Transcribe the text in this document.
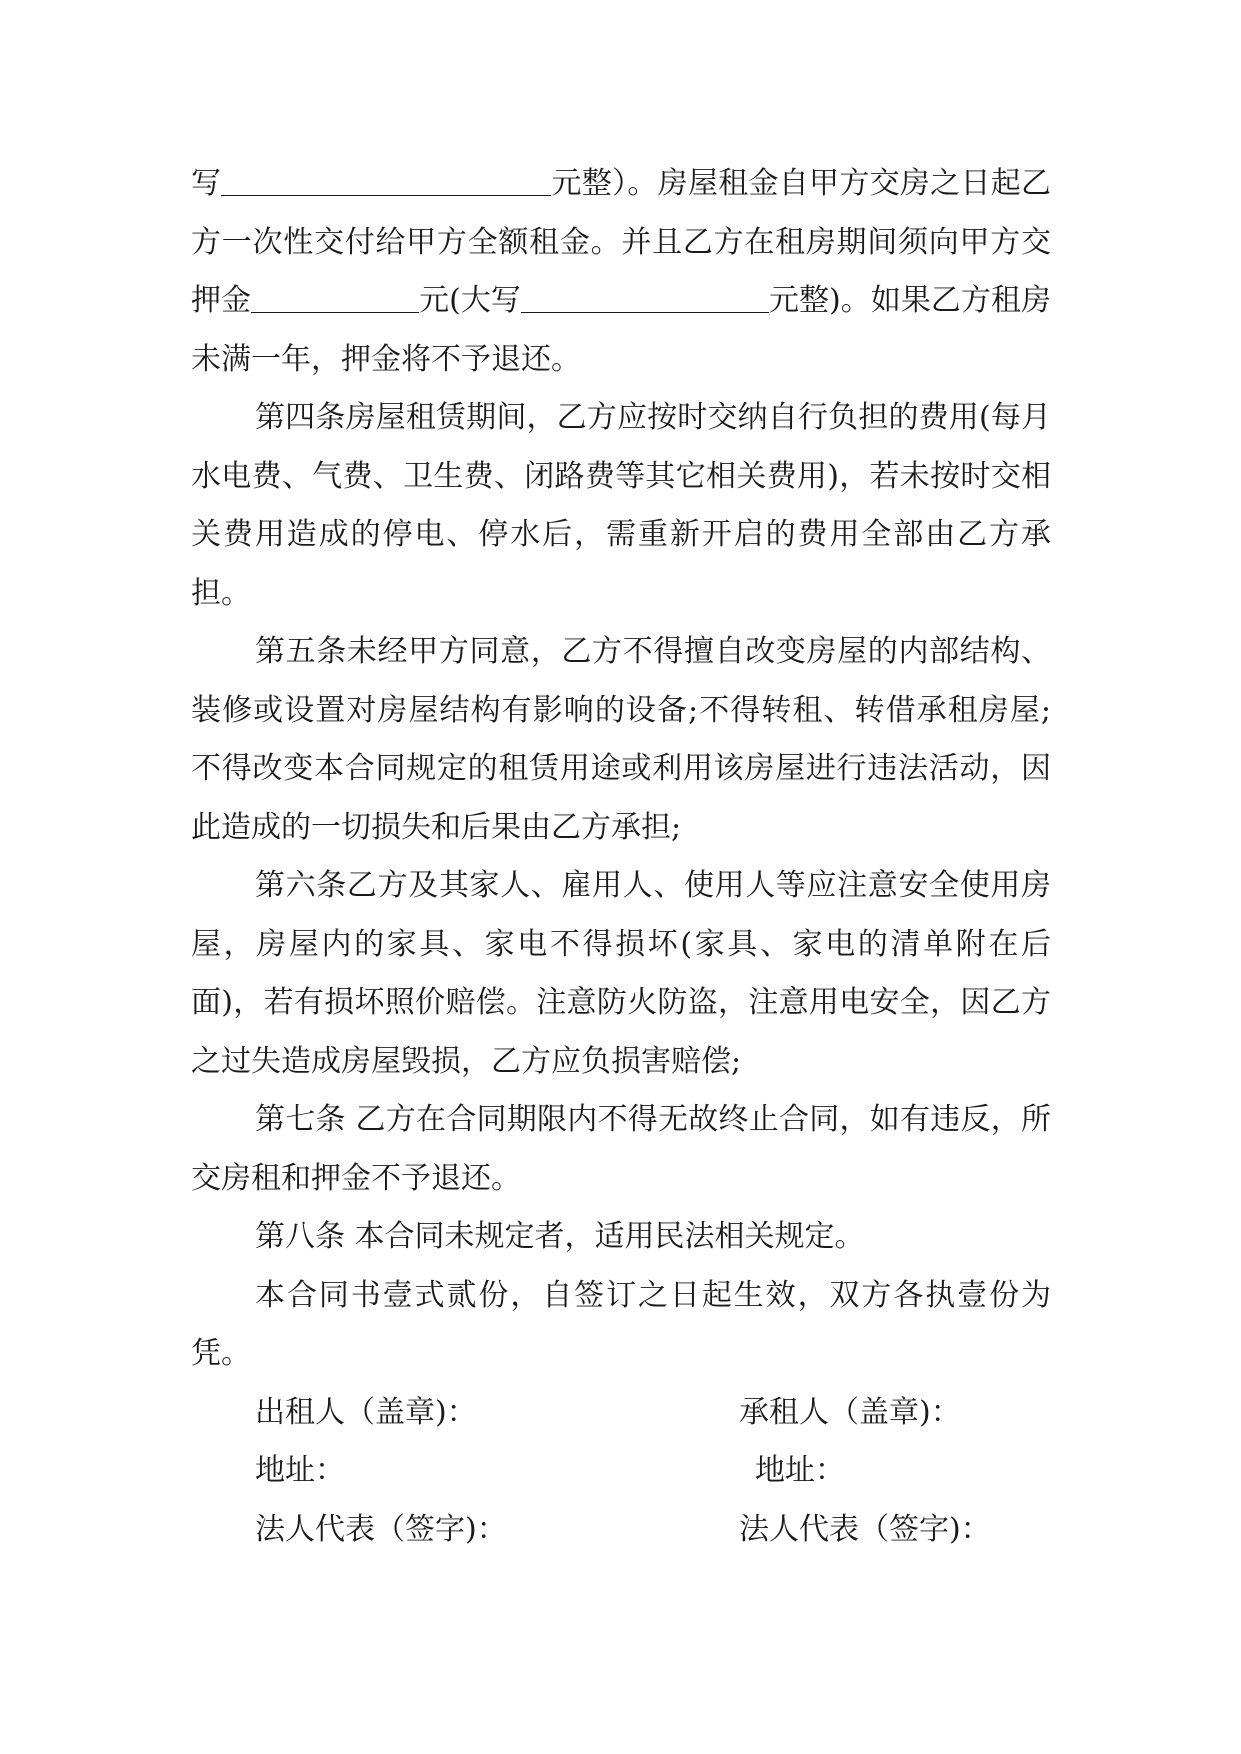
写	元整）。房屋租金自甲方交房之日起乙方一次性交付给甲方全额租金。并且乙方在租房期间须向甲方交押金	元(大写	元整)。如果乙方租房未满一年，押金将不予退还。

第四条房屋租赁期间，乙方应按时交纳自行负担的费用(每月水电费、气费、卫生费、闭路费等其它相关费用)，若未按时交相关费用造成的停电、停水后，需重新开启的费用全部由乙方承担。

第五条未经甲方同意，乙方不得擅自改变房屋的内部结构、装修或设置对房屋结构有影响的设备;不得转租、转借承租房屋;不得改变本合同规定的租赁用途或利用该房屋进行违法活动，因此造成的一切损失和后果由乙方承担;

第六条乙方及其家人、雇用人、使用人等应注意安全使用房屋，房屋内的家具、家电不得损坏(家具、家电的清单附在后面)，若有损坏照价赔偿。注意防火防盗，注意用电安全，因乙方之过失造成房屋毁损，乙方应负损害赔偿;

第七条 乙方在合同期限内不得无故终止合同，如有违反，所交房租和押金不予退还。

第八条 本合同未规定者，适用民法相关规定。

本合同书壹式贰份，自签订之日起生效，双方各执壹份为凭。

出租人（盖章)：	承租人（盖章)：
地址：	地址：
法人代表（签字)：	法人代表（签字)：
